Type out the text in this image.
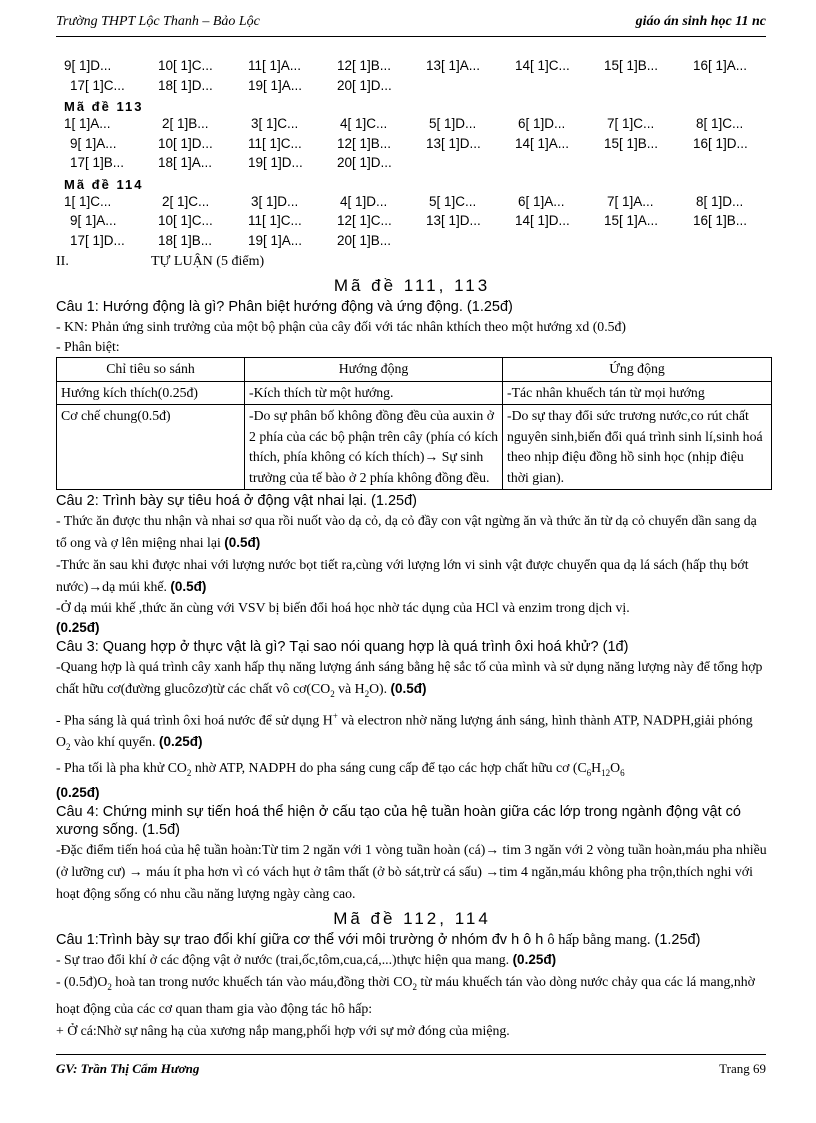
Trường THPT Lộc Thanh – Bảo Lộc	giáo án sinh học 11 nc
9[ 1]D...	10[ 1]C...	11[ 1]A...	12[ 1]B...	13[ 1]A...	14[ 1]C...	15[ 1]B...	16[ 1]A...
17[ 1]C... 18[ 1]D...	19[ 1]A...	20[ 1]D...
Mã đề 113
1[ 1]A...	2[ 1]B...	3[ 1]C...	4[ 1]C...	5[ 1]D...	6[ 1]D...	7[ 1]C...	8[ 1]C...
9[ 1]A...	10[ 1]D...	11[ 1]C...	12[ 1]B...	13[ 1]D...	14[ 1]A...	15[ 1]B...	16[ 1]D...
17[ 1]B...	18[ 1]A...	19[ 1]D...	20[ 1]D...
Mã đề 114
1[ 1]C...	2[ 1]C...	3[ 1]D...	4[ 1]D...	5[ 1]C...	6[ 1]A...	7[ 1]A...	8[ 1]D...
9[ 1]A...	10[ 1]C...	11[ 1]C...	12[ 1]C...	13[ 1]D...	14[ 1]D...	15[ 1]A...	16[ 1]B...
17[ 1]D... 18[ 1]B...	19[ 1]A...	20[ 1]B...
II.	TỰ LUẬN (5 điểm)
Mã đề 111, 113
Câu 1: Hướng động là gì? Phân biệt hướng động và ứng động. (1.25đ)
- KN: Phản ứng sinh trưởng của một bộ phận của cây đối với tác nhân kthích theo một hướng xd (0.5đ)
- Phân biệt:
Chỉ tiêu so sánh	Hướng động	Ứng động
Hướng kích thích(0.25đ)	-Kích thích từ một hướng.	-Tác nhân khuếch tán từ mọi hướng
Cơ chế chung(0.5đ)	-Do sự phân bố không đồng đều của auxin ở 2 phía của các bộ phận trên cây (phía có kích thích, phía không có kích thích)→ Sự sinh trưởng của tế bào ở 2 phía không đồng đều.	-Do sự thay đổi sức trương nước,co rút chất nguyên sinh,biến đổi quá trình sinh lí,sinh hoá theo nhịp điệu đồng hồ sinh học (nhịp điệu thời gian).
Câu 2: Trình bày sự tiêu hoá ở động vật nhai lại. (1.25đ)
- Thức ăn được thu nhận và nhai sơ qua rồi nuốt vào dạ cỏ, dạ cỏ đầy con vật ngừng ăn và thức ăn từ dạ cỏ chuyển dần sang dạ tổ ong và ợ lên miệng nhai lại (0.5đ)
-Thức ăn sau khi được nhai với lượng nước bọt tiết ra,cùng với lượng lớn vi sinh vật được chuyển qua dạ lá sách (hấp thụ bớt nước)→dạ múi khế. (0.5đ)
-Ở dạ múi khế ,thức ăn cùng với VSV bị biến đổi hoá học nhờ tác dụng của HCl và enzim trong dịch vị.
(0.25đ)
Câu 3: Quang hợp ở thực vật là gì? Tại sao nói quang hợp là quá trình ôxi hoá khử? (1đ)
-Quang hợp là quá trình cây xanh hấp thụ năng lượng ánh sáng bằng hệ sắc tố của mình và sử dụng năng lượng này để tổng hợp chất hữu cơ(đường glucôzơ)từ các chất vô $cơ(CO_2$ và $H_2O$). (0.5đ)
- Pha sáng là quá trình ôxi hoá nước để sử dụng H+ và electron nhờ năng lượng ánh sáng, hình thành ATP, NADPH,giải phóng $O_2$ vào khí quyển. (0.25đ)
- Pha tối là pha khử $CO_2$ nhờ ATP, NADPH do pha sáng cung cấp để tạo các hợp chất hữu cơ ($C_6H_{12}O_6$
(0.25đ)
Câu 4: Chứng minh sự tiến hoá thể hiện ở cấu tạo của hệ tuần hoàn giữa các lớp trong ngành động vật có xương sống. (1.5đ)
-Đặc điểm tiến hoá của hệ tuần hoàn:Từ tim 2 ngăn với 1 vòng tuần hoàn (cá)→ tim 3 ngăn với 2 vòng tuần hoàn,máu pha nhiều (ở lưỡng cư) → máu ít pha hơn vì có vách hụt ở tâm thất (ở bò sát,trừ cá sấu) →tim 4 ngăn,máu không pha trộn,thích nghi với hoạt động sống có nhu cầu năng lượng ngày càng cao.
Mã đề 112, 114
Câu 1:Trình bày sự trao đổi khí giữa cơ thể với môi trường ở nhóm đv h ô h ô hấp bằng mang. (1.25đ)
- Sự trao đổi khí ở các động vật ở nước (trai,ốc,tôm,cua,cá,...)thực hiện qua mang. (0.25đ)
- $(0.5đ)O_2$ hoà tan trong nước khuếch tán vào máu,đồng thời $CO_2$ từ máu khuếch tán vào dòng nước chảy qua các lá mang,nhờ hoạt động của các cơ quan tham gia vào động tác hô hấp:
+ Ở cá:Nhờ sự nâng hạ của xương nắp mang,phối hợp với sự mở đóng của miệng.
GV: Trần Thị Cẩm Hương	Trang 69
